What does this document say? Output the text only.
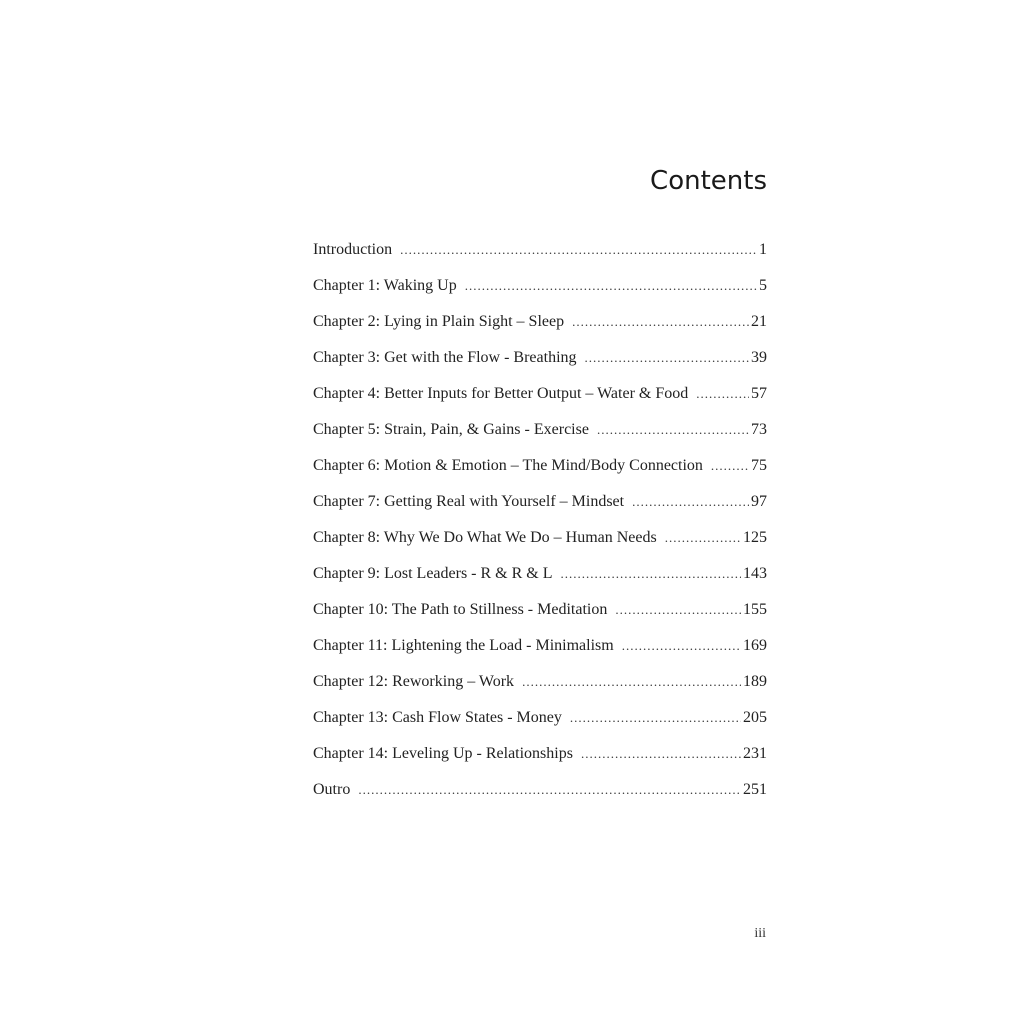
Contents
Introduction .....	1
Chapter 1: Waking Up .....	5
Chapter 2: Lying in Plain Sight – Sleep .....	21
Chapter 3: Get with the Flow - Breathing .....	39
Chapter 4: Better Inputs for Better Output – Water & Food .....	57
Chapter 5: Strain, Pain, & Gains - Exercise .....	73
Chapter 6: Motion & Emotion – The Mind/Body Connection .....	75
Chapter 7: Getting Real with Yourself – Mindset .....	97
Chapter 8: Why We Do What We Do – Human Needs .....	125
Chapter 9: Lost Leaders - R & R & L .....	143
Chapter 10: The Path to Stillness - Meditation .....	155
Chapter 11: Lightening the Load - Minimalism .....	169
Chapter 12: Reworking – Work .....	189
Chapter 13: Cash Flow States - Money .....	205
Chapter 14: Leveling Up - Relationships .....	231
Outro .....	251
iii
